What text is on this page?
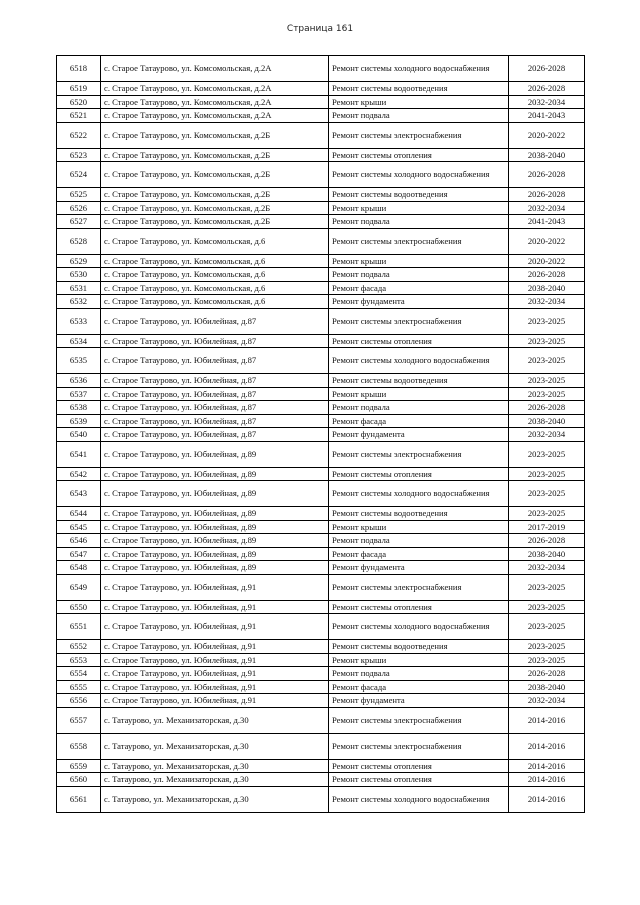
Страница 161
6518	с. Старое Татаурово, ул. Комсомольская, д.2А	Ремонт системы холодного водоснабжения	2026-2028
6519	с. Старое Татаурово, ул. Комсомольская, д.2А	Ремонт системы водоотведения	2026-2028
6520	с. Старое Татаурово, ул. Комсомольская, д.2А	Ремонт крыши	2032-2034
6521	с. Старое Татаурово, ул. Комсомольская, д.2А	Ремонт подвала	2041-2043
6522	с. Старое Татаурово, ул. Комсомольская, д.2Б	Ремонт системы электроснабжения	2020-2022
6523	с. Старое Татаурово, ул. Комсомольская, д.2Б	Ремонт системы отопления	2038-2040
6524	с. Старое Татаурово, ул. Комсомольская, д.2Б	Ремонт системы холодного водоснабжения	2026-2028
6525	с. Старое Татаурово, ул. Комсомольская, д.2Б	Ремонт системы водоотведения	2026-2028
6526	с. Старое Татаурово, ул. Комсомольская, д.2Б	Ремонт крыши	2032-2034
6527	с. Старое Татаурово, ул. Комсомольская, д.2Б	Ремонт подвала	2041-2043
6528	с. Старое Татаурово, ул. Комсомольская, д.6	Ремонт системы электроснабжения	2020-2022
6529	с. Старое Татаурово, ул. Комсомольская, д.6	Ремонт крыши	2020-2022
6530	с. Старое Татаурово, ул. Комсомольская, д.6	Ремонт подвала	2026-2028
6531	с. Старое Татаурово, ул. Комсомольская, д.6	Ремонт фасада	2038-2040
6532	с. Старое Татаурово, ул. Комсомольская, д.6	Ремонт фундамента	2032-2034
6533	с. Старое Татаурово, ул. Юбилейная, д.87	Ремонт системы электроснабжения	2023-2025
6534	с. Старое Татаурово, ул. Юбилейная, д.87	Ремонт системы отопления	2023-2025
6535	с. Старое Татаурово, ул. Юбилейная, д.87	Ремонт системы холодного водоснабжения	2023-2025
6536	с. Старое Татаурово, ул. Юбилейная, д.87	Ремонт системы водоотведения	2023-2025
6537	с. Старое Татаурово, ул. Юбилейная, д.87	Ремонт крыши	2023-2025
6538	с. Старое Татаурово, ул. Юбилейная, д.87	Ремонт подвала	2026-2028
6539	с. Старое Татаурово, ул. Юбилейная, д.87	Ремонт фасада	2038-2040
6540	с. Старое Татаурово, ул. Юбилейная, д.87	Ремонт фундамента	2032-2034
6541	с. Старое Татаурово, ул. Юбилейная, д.89	Ремонт системы электроснабжения	2023-2025
6542	с. Старое Татаурово, ул. Юбилейная, д.89	Ремонт системы отопления	2023-2025
6543	с. Старое Татаурово, ул. Юбилейная, д.89	Ремонт системы холодного водоснабжения	2023-2025
6544	с. Старое Татаурово, ул. Юбилейная, д.89	Ремонт системы водоотведения	2023-2025
6545	с. Старое Татаурово, ул. Юбилейная, д.89	Ремонт крыши	2017-2019
6546	с. Старое Татаурово, ул. Юбилейная, д.89	Ремонт подвала	2026-2028
6547	с. Старое Татаурово, ул. Юбилейная, д.89	Ремонт фасада	2038-2040
6548	с. Старое Татаурово, ул. Юбилейная, д.89	Ремонт фундамента	2032-2034
6549	с. Старое Татаурово, ул. Юбилейная, д.91	Ремонт системы электроснабжения	2023-2025
6550	с. Старое Татаурово, ул. Юбилейная, д.91	Ремонт системы отопления	2023-2025
6551	с. Старое Татаурово, ул. Юбилейная, д.91	Ремонт системы холодного водоснабжения	2023-2025
6552	с. Старое Татаурово, ул. Юбилейная, д.91	Ремонт системы водоотведения	2023-2025
6553	с. Старое Татаурово, ул. Юбилейная, д.91	Ремонт крыши	2023-2025
6554	с. Старое Татаурово, ул. Юбилейная, д.91	Ремонт подвала	2026-2028
6555	с. Старое Татаурово, ул. Юбилейная, д.91	Ремонт фасада	2038-2040
6556	с. Старое Татаурово, ул. Юбилейная, д.91	Ремонт фундамента	2032-2034
6557	с. Татаурово, ул. Механизаторская, д.30	Ремонт системы электроснабжения	2014-2016
6558	с. Татаурово, ул. Механизаторская, д.30	Ремонт системы электроснабжения	2014-2016
6559	с. Татаурово, ул. Механизаторская, д.30	Ремонт системы отопления	2014-2016
6560	с. Татаурово, ул. Механизаторская, д.30	Ремонт системы отопления	2014-2016
6561	с. Татаурово, ул. Механизаторская, д.30	Ремонт системы холодного водоснабжения	2014-2016
